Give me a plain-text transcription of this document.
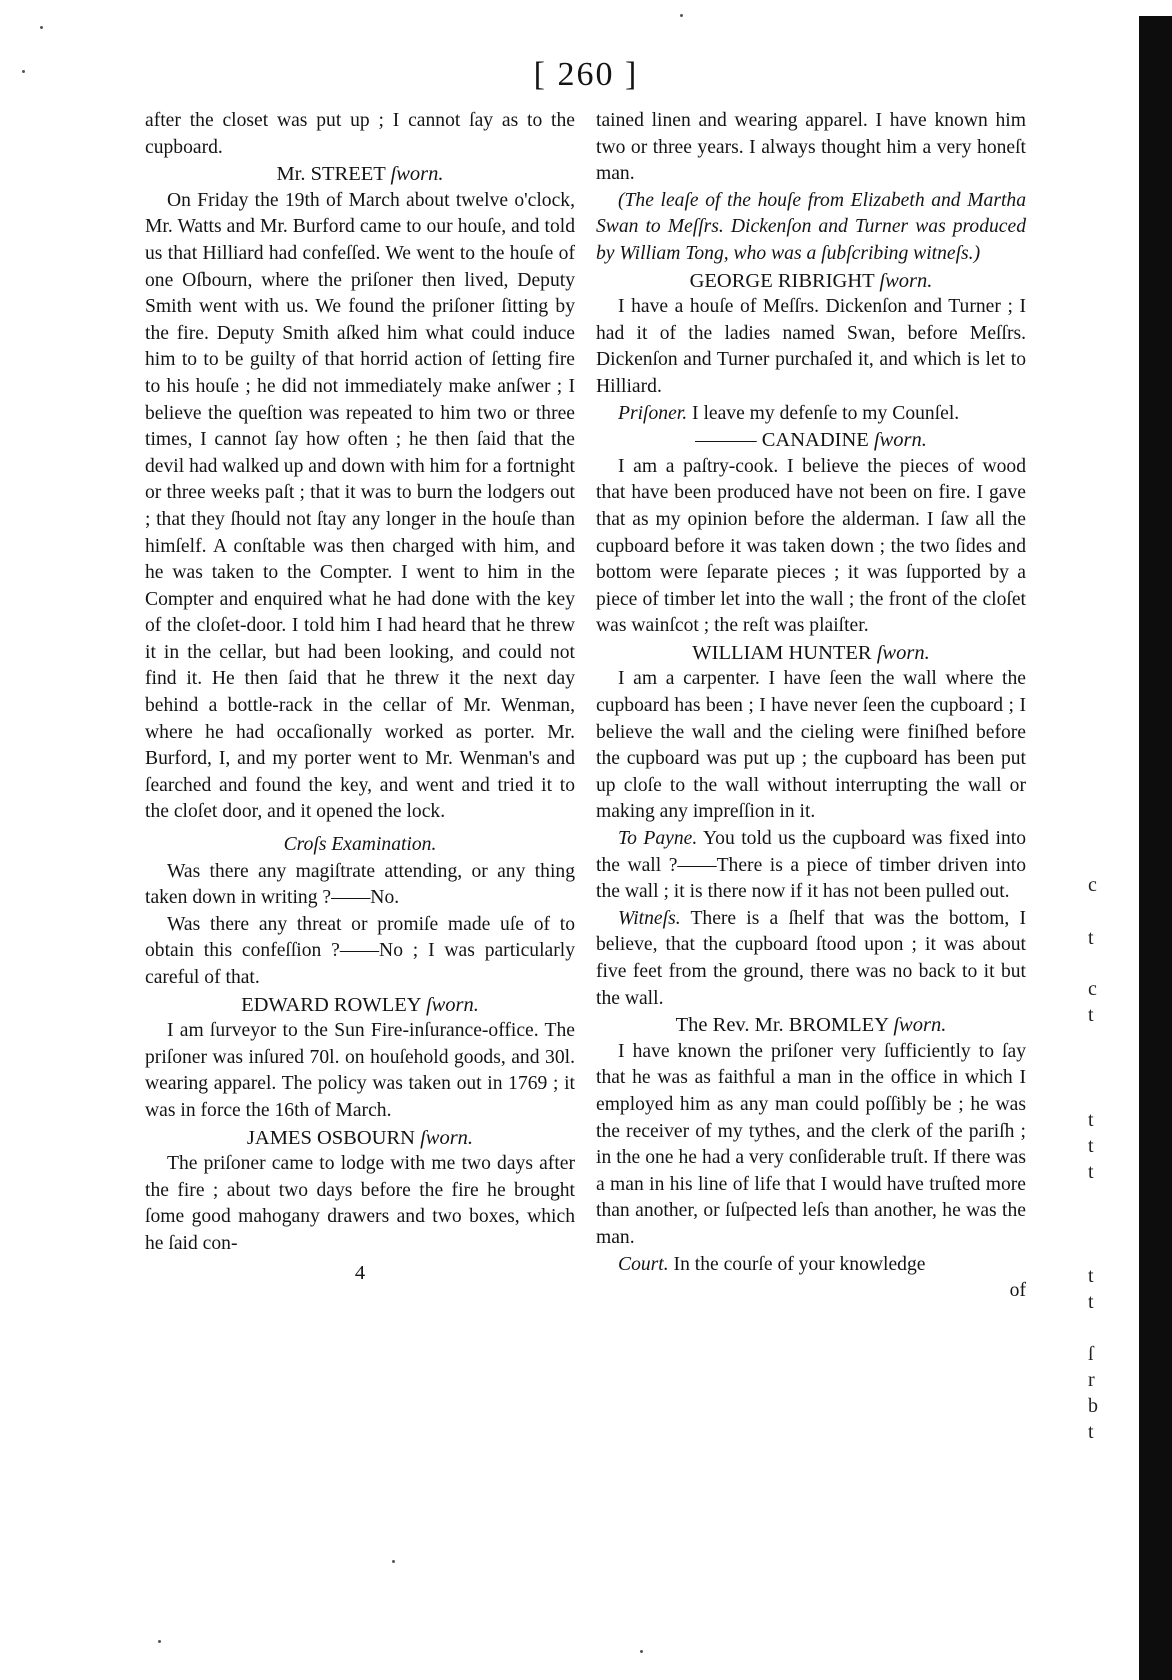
[ 260 ]

after the closet was put up ; I cannot ſay as to the cupboard.

Mr. STREET ſworn.

On Friday the 19th of March about twelve o'clock, Mr. Watts and Mr. Burford came to our houſe, and told us that Hilliard had confeſſed. We went to the houſe of one Oſbourn, where the priſoner then lived, Deputy Smith went with us. We found the priſoner ſitting by the fire. Deputy Smith aſked him what could induce him to to be guilty of that horrid action of ſetting fire to his houſe ; he did not immediately make anſwer ; I believe the queſtion was repeated to him two or three times, I cannot ſay how often ; he then ſaid that the devil had walked up and down with him for a fortnight or three weeks paſt ; that it was to burn the lodgers out ; that they ſhould not ſtay any longer in the houſe than himſelf. A conſtable was then charged with him, and he was taken to the Compter. I went to him in the Compter and enquired what he had done with the key of the cloſet-door. I told him I had heard that he threw it in the cellar, but had been looking, and could not find it. He then ſaid that he threw it the next day behind a bottle-rack in the cellar of Mr. Wenman, where he had occaſionally worked as porter. Mr. Burford, I, and my porter went to Mr. Wenman's and ſearched and found the key, and went and tried it to the cloſet door, and it opened the lock.

Croſs Examination.

Was there any magiſtrate attending, or any thing taken down in writing ?——No.

Was there any threat or promiſe made uſe of to obtain this confeſſion ?——No ; I was particularly careful of that.

EDWARD ROWLEY ſworn.

I am ſurveyor to the Sun Fire-inſurance-office. The priſoner was inſured 70l. on houſehold goods, and 30l. wearing apparel. The policy was taken out in 1769 ; it was in force the 16th of March.

JAMES OSBOURN ſworn.

The priſoner came to lodge with me two days after the fire ; about two days before the fire he brought ſome good mahogany drawers and two boxes, which he ſaid con-

4

tained linen and wearing apparel. I have known him two or three years. I always thought him a very honeſt man.

(The leaſe of the houſe from Elizabeth and Martha Swan to Meſſrs. Dickenſon and Turner was produced by William Tong, who was a ſubſcribing witneſs.)

GEORGE RIBRIGHT ſworn.

I have a houſe of Meſſrs. Dickenſon and Turner ; I had it of the ladies named Swan, before Meſſrs. Dickenſon and Turner purchaſed it, and which is let to Hilliard.

Priſoner. I leave my defenſe to my Counſel.

——— CANADINE ſworn.

I am a paſtry-cook. I believe the pieces of wood that have been produced have not been on fire. I gave that as my opinion before the alderman. I ſaw all the cupboard before it was taken down ; the two ſides and bottom were ſeparate pieces ; it was ſupported by a piece of timber let into the wall ; the front of the cloſet was wainſcot ; the reſt was plaiſter.

WILLIAM HUNTER ſworn.

I am a carpenter. I have ſeen the wall where the cupboard has been ; I have never ſeen the cupboard ; I believe the wall and the cieling were finiſhed before the cupboard was put up ; the cupboard has been put up cloſe to the wall without interrupting the wall or making any impreſſion in it.

To Payne. You told us the cupboard was fixed into the wall ?——There is a piece of timber driven into the wall ; it is there now if it has not been pulled out.

Witneſs. There is a ſhelf that was the bottom, I believe, that the cupboard ſtood upon ; it was about five feet from the ground, there was no back to it but the wall.

The Rev. Mr. BROMLEY ſworn.

I have known the priſoner very ſufficiently to ſay that he was as faithful a man in the office in which I employed him as any man could poſſibly be ; he was the receiver of my tythes, and the clerk of the pariſh ; in the one he had a very conſiderable truſt. If there was a man in his line of life that I would have truſted more than another, or ſuſpected leſs than another, he was the man.

Court. In the courſe of your knowledge

of

c
t
c
t
t
t
t
t
t
ſ
r
b
t
